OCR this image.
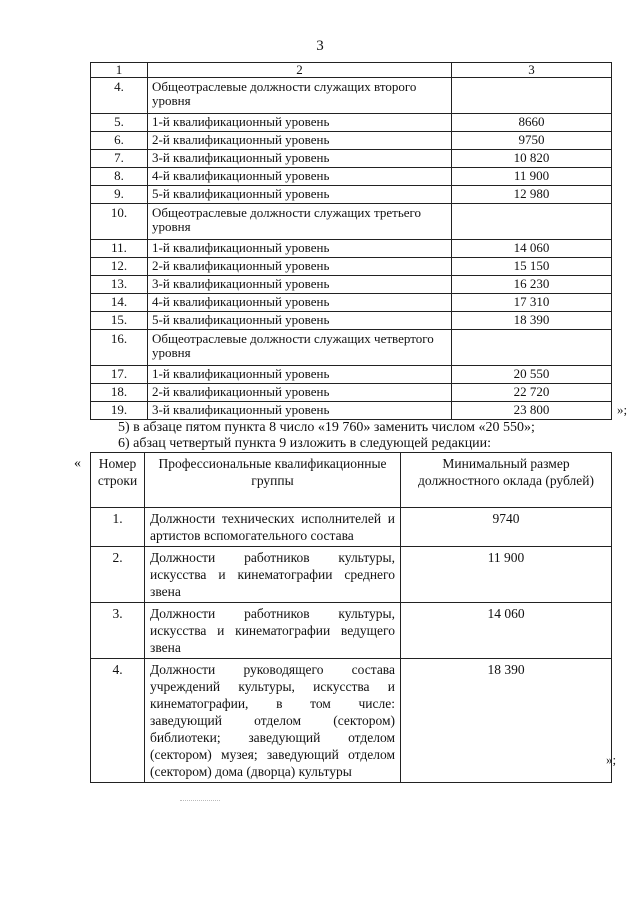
3
1	2	3
4.	Общеотраслевые должности служащих второго уровня	
5.	1-й квалификационный уровень	8660
6.	2-й квалификационный уровень	9750
7.	3-й квалификационный уровень	10 820
8.	4-й квалификационный уровень	11 900
9.	5-й квалификационный уровень	12 980
10.	Общеотраслевые должности служащих третьего уровня	
11.	1-й квалификационный уровень	14 060
12.	2-й квалификационный уровень	15 150
13.	3-й квалификационный уровень	16 230
14.	4-й квалификационный уровень	17 310
15.	5-й квалификационный уровень	18 390
16.	Общеотраслевые должности служащих четвертого уровня	
17.	1-й квалификационный уровень	20 550
18.	2-й квалификационный уровень	22 720
19.	3-й квалификационный уровень	23 800	»;
5) в абзаце пятом пункта 8 число «19 760» заменить числом «20 550»;
6) абзац четвертый пункта 9 изложить в следующей редакции:
« Номер строки	Профессиональные квалификационные группы	Минимальный размер должностного оклада (рублей)
1.	Должности технических исполнителей и артистов вспомогательного состава	9740
2.	Должности работников культуры, искусства и кинематографии среднего звена	11 900
3.	Должности работников культуры, искусства и кинематографии ведущего звена	14 060
4.	Должности руководящего состава учреждений культуры, искусства и кинематографии, в том числе: заведующий отделом (сектором) библиотеки; заведующий отделом (сектором) музея; заведующий отделом (сектором) дома (дворца) культуры	18 390
»;
